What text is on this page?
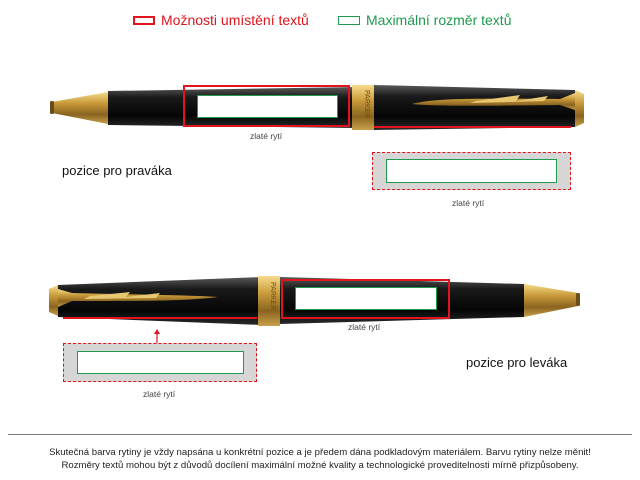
Možnosti umístění textů	Maximální rozměr textů
PARKER
zlaté rytí
zlaté rytí
pozice pro praváka
PARKER
zlaté rytí
zlaté rytí
pozice pro leváka
Skutečná barva rytiny je vždy napsána u konkrétní pozice a je předem dána podkladovým materiálem. Barvu rytiny nelze měnit!
Rozměry textů mohou být z důvodů docílení maximální možné kvality a technologické proveditelnosti mírně přizpůsobeny.
